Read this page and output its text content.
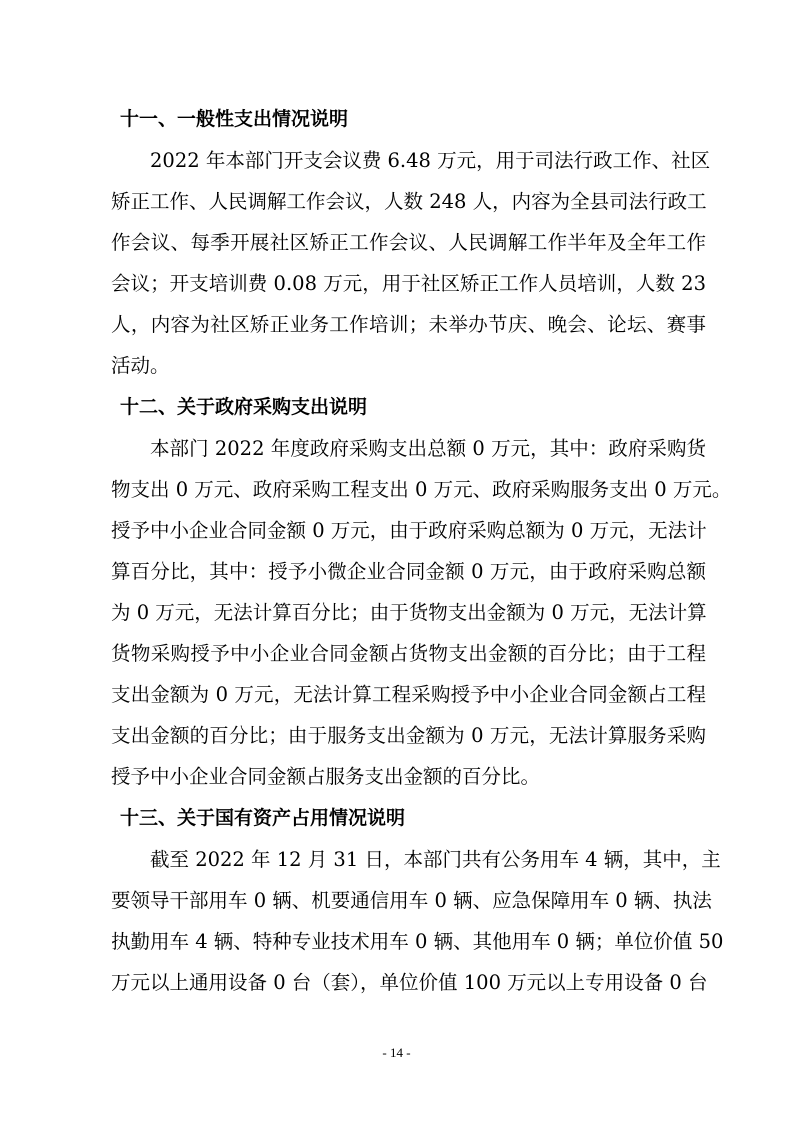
十一、一般性支出情况说明
2022 年本部门开支会议费 6.48 万元，用于司法行政工作、社区
矫正工作、人民调解工作会议，人数 248 人，内容为全县司法行政工
作会议、每季开展社区矫正工作会议、人民调解工作半年及全年工作
会议；开支培训费 0.08 万元，用于社区矫正工作人员培训，人数 23
人，内容为社区矫正业务工作培训；未举办节庆、晚会、论坛、赛事
活动。
十二、关于政府采购支出说明
本部门 2022 年度政府采购支出总额 0 万元，其中：政府采购货
物支出 0 万元、政府采购工程支出 0 万元、政府采购服务支出 0 万元。
授予中小企业合同金额 0 万元，由于政府采购总额为 0 万元，无法计
算百分比，其中：授予小微企业合同金额 0 万元，由于政府采购总额
为 0 万元，无法计算百分比；由于货物支出金额为 0 万元，无法计算
货物采购授予中小企业合同金额占货物支出金额的百分比；由于工程
支出金额为 0 万元，无法计算工程采购授予中小企业合同金额占工程
支出金额的百分比；由于服务支出金额为 0 万元，无法计算服务采购
授予中小企业合同金额占服务支出金额的百分比。
十三、关于国有资产占用情况说明
截至 2022 年 12 月 31 日，本部门共有公务用车 4 辆，其中，主
要领导干部用车 0 辆、机要通信用车 0 辆、应急保障用车 0 辆、执法
执勤用车 4 辆、特种专业技术用车 0 辆、其他用车 0 辆；单位价值 50
万元以上通用设备 0 台（套），单位价值 100 万元以上专用设备 0 台
- 14 -
